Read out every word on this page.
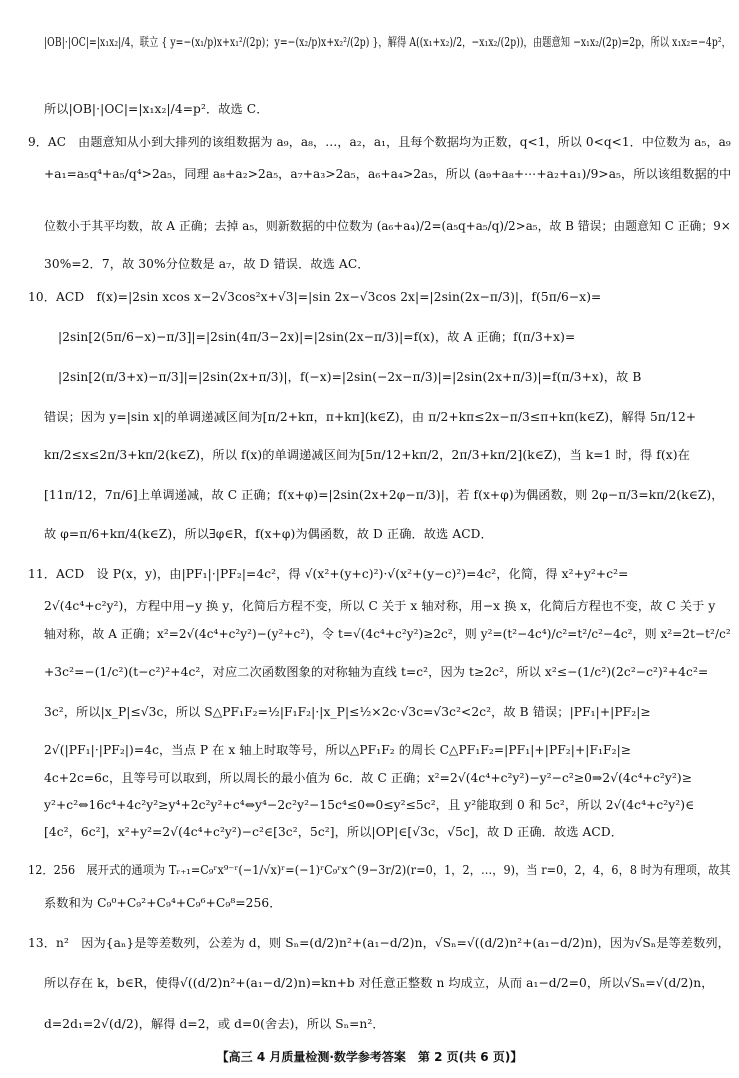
|OB|·|OC|=|x₁x₂|/4，联立 { y=−(x₁/p)x+x₁²/(2p)；y=−(x₂/p)x+x₂²/(2p) }，解得 A((x₁+x₂)/2，−x₁x₂/(2p))，由题意知 −x₁x₂/(2p)=2p，所以 x₁x₂=−4p²，
所以|OB|·|OC|=|x₁x₂|/4=p²．故选 C．
9．AC　由题意知从小到大排列的该组数据为 a₉，a₈，…，a₂，a₁，且每个数据均为正数，q<1，所以 0<q<1．中位数为 a₅，a₉
+a₁=a₅q⁴+a₅/q⁴>2a₅，同理 a₈+a₂>2a₅，a₇+a₃>2a₅，a₆+a₄>2a₅，所以 (a₉+a₈+⋯+a₂+a₁)/9>a₅，所以该组数据的中
位数小于其平均数，故 A 正确；去掉 a₅，则新数据的中位数为 (a₆+a₄)/2=(a₅q+a₅/q)/2>a₅，故 B 错误；由题意知 C 正确；9×
30%=2．7，故 30%分位数是 a₇，故 D 错误．故选 AC．
10．ACD　f(x)=|2sin xcos x−2√3cos²x+√3|=|sin 2x−√3cos 2x|=|2sin(2x−π/3)|，f(5π/6−x)=
|2sin[2(5π/6−x)−π/3]|=|2sin(4π/3−2x)|=|2sin(2x−π/3)|=f(x)，故 A 正确；f(π/3+x)=
|2sin[2(π/3+x)−π/3]|=|2sin(2x+π/3)|，f(−x)=|2sin(−2x−π/3)|=|2sin(2x+π/3)|=f(π/3+x)，故 B
错误；因为 y=|sin x|的单调递减区间为[π/2+kπ，π+kπ](k∈Z)，由 π/2+kπ≤2x−π/3≤π+kπ(k∈Z)，解得 5π/12+
kπ/2≤x≤2π/3+kπ/2(k∈Z)，所以 f(x)的单调递减区间为[5π/12+kπ/2，2π/3+kπ/2](k∈Z)，当 k=1 时，得 f(x)在
[11π/12，7π/6]上单调递减，故 C 正确；f(x+φ)=|2sin(2x+2φ−π/3)|，若 f(x+φ)为偶函数，则 2φ−π/3=kπ/2(k∈Z)，
故 φ=π/6+kπ/4(k∈Z)，所以∃φ∈R，f(x+φ)为偶函数，故 D 正确．故选 ACD．
11．ACD　设 P(x，y)，由|PF₁|·|PF₂|=4c²，得 √(x²+(y+c)²)·√(x²+(y−c)²)=4c²，化简，得 x²+y²+c²=
2√(4c⁴+c²y²)，方程中用−y 换 y，化简后方程不变，所以 C 关于 x 轴对称，用−x 换 x，化简后方程也不变，故 C 关于 y
轴对称，故 A 正确；x²=2√(4c⁴+c²y²)−(y²+c²)，令 t=√(4c⁴+c²y²)≥2c²，则 y²=(t²−4c⁴)/c²=t²/c²−4c²，则 x²=2t−t²/c²
+3c²=−(1/c²)(t−c²)²+4c²，对应二次函数图象的对称轴为直线 t=c²，因为 t≥2c²，所以 x²≤−(1/c²)(2c²−c²)²+4c²=
3c²，所以|x_P|≤√3c，所以 S△PF₁F₂=½|F₁F₂|·|x_P|≤½×2c·√3c=√3c²<2c²，故 B 错误；|PF₁|+|PF₂|≥
2√(|PF₁|·|PF₂|)=4c，当点 P 在 x 轴上时取等号，所以△PF₁F₂ 的周长 C△PF₁F₂=|PF₁|+|PF₂|+|F₁F₂|≥
4c+2c=6c，且等号可以取到，所以周长的最小值为 6c．故 C 正确；x²=2√(4c⁴+c²y²)−y²−c²≥0⇒2√(4c⁴+c²y²)≥
y²+c²⇔16c⁴+4c²y²≥y⁴+2c²y²+c⁴⇔y⁴−2c²y²−15c⁴≤0⇔0≤y²≤5c²，且 y²能取到 0 和 5c²，所以 2√(4c⁴+c²y²)∈
[4c²，6c²]，x²+y²=2√(4c⁴+c²y²)−c²∈[3c²，5c²]，所以|OP|∈[√3c，√5c]，故 D 正确．故选 ACD．
12．256　展开式的通项为 Tᵣ₊₁=C₉ʳx⁹⁻ʳ(−1/√x)ʳ=(−1)ʳC₉ʳx^(9−3r/2)(r=0，1，2，…，9)，当 r=0，2，4，6，8 时为有理项，故其
系数和为 C₉⁰+C₉²+C₉⁴+C₉⁶+C₉⁸=256．
13．n²　因为{aₙ}是等差数列，公差为 d，则 Sₙ=(d/2)n²+(a₁−d/2)n，√Sₙ=√((d/2)n²+(a₁−d/2)n)，因为√Sₙ是等差数列，
所以存在 k，b∈R，使得√((d/2)n²+(a₁−d/2)n)=kn+b 对任意正整数 n 均成立，从而 a₁−d/2=0，所以√Sₙ=√(d/2)n，
d=2d₁=2√(d/2)，解得 d=2，或 d=0(舍去)，所以 Sₙ=n²．
【高三 4 月质量检测·数学参考答案　第 2 页(共 6 页)】
